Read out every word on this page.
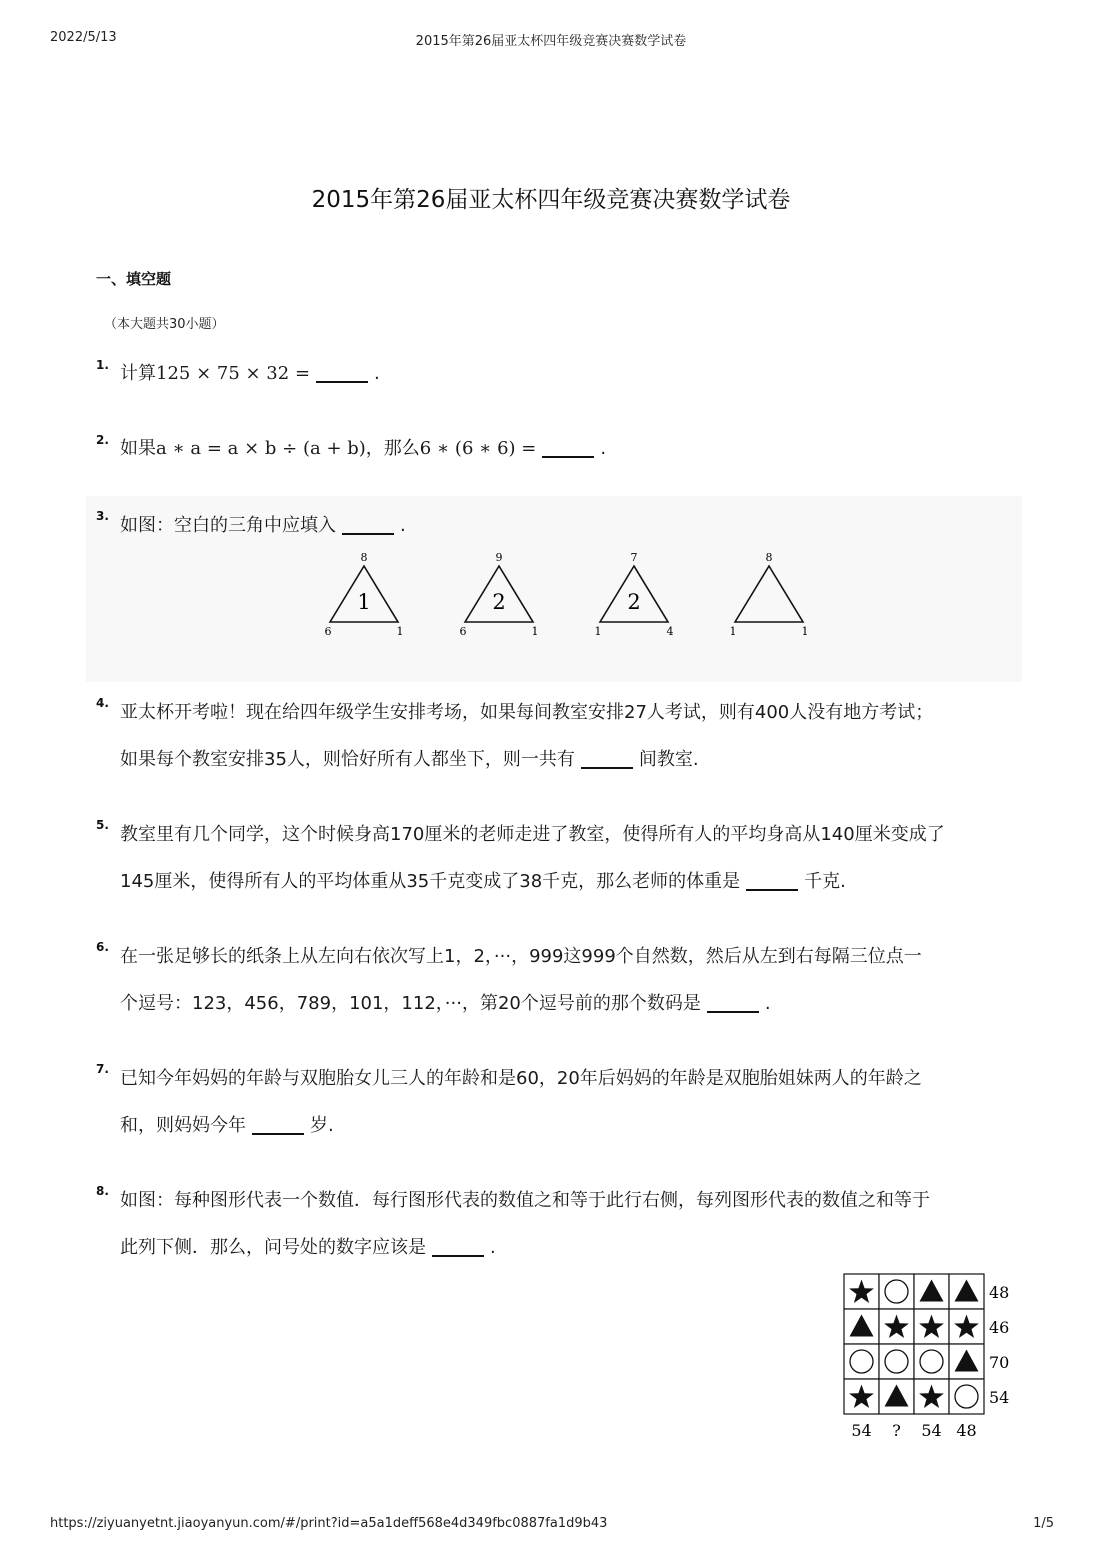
2022/5/13	2015年第26届亚太杯四年级竞赛决赛数学试卷
https://ziyuanyetnt.jiaoyanyun.com/#/print?id=a5a1deff568e4d349fbc0887fa1d9b43	1/5
2015年第26届亚太杯四年级竞赛决赛数学试卷
一、填空题
（本大题共30小题）
1. 计算125 × 75 × 32 =	.
2. 如果a ∗ a = a × b ÷ (a + b)，那么6 ∗ (6 ∗ 6) =	.
3. 如图：空白的三角中应填入	.
8
6	1
1
9
6	1
2
7
1	4
2
8
1	1
4. 亚太杯开考啦！现在给四年级学生安排考场，如果每间教室安排27人考试，则有400人没有地方考试；
如果每个教室安排35人，则恰好所有人都坐下，则一共有	间教室.
5. 教室里有几个同学，这个时候身高170厘米的老师走进了教室，使得所有人的平均身高从140厘米变成了
145厘米，使得所有人的平均体重从35千克变成了38千克，那么老师的体重是	千克.
6. 在一张足够长的纸条上从左向右依次写上1，2，···，999这999个自然数，然后从左到右每隔三位点一
个逗号：123，456，789，101，112，···，第20个逗号前的那个数码是	.
7. 已知今年妈妈的年龄与双胞胎女儿三人的年龄和是60，20年后妈妈的年龄是双胞胎姐妹两人的年龄之
和，则妈妈今年	岁.
8. 如图：每种图形代表一个数值．每行图形代表的数值之和等于此行右侧，每列图形代表的数值之和等于
此列下侧．那么，问号处的数字应该是	.
48
46
70
54
54 ? 54 48
